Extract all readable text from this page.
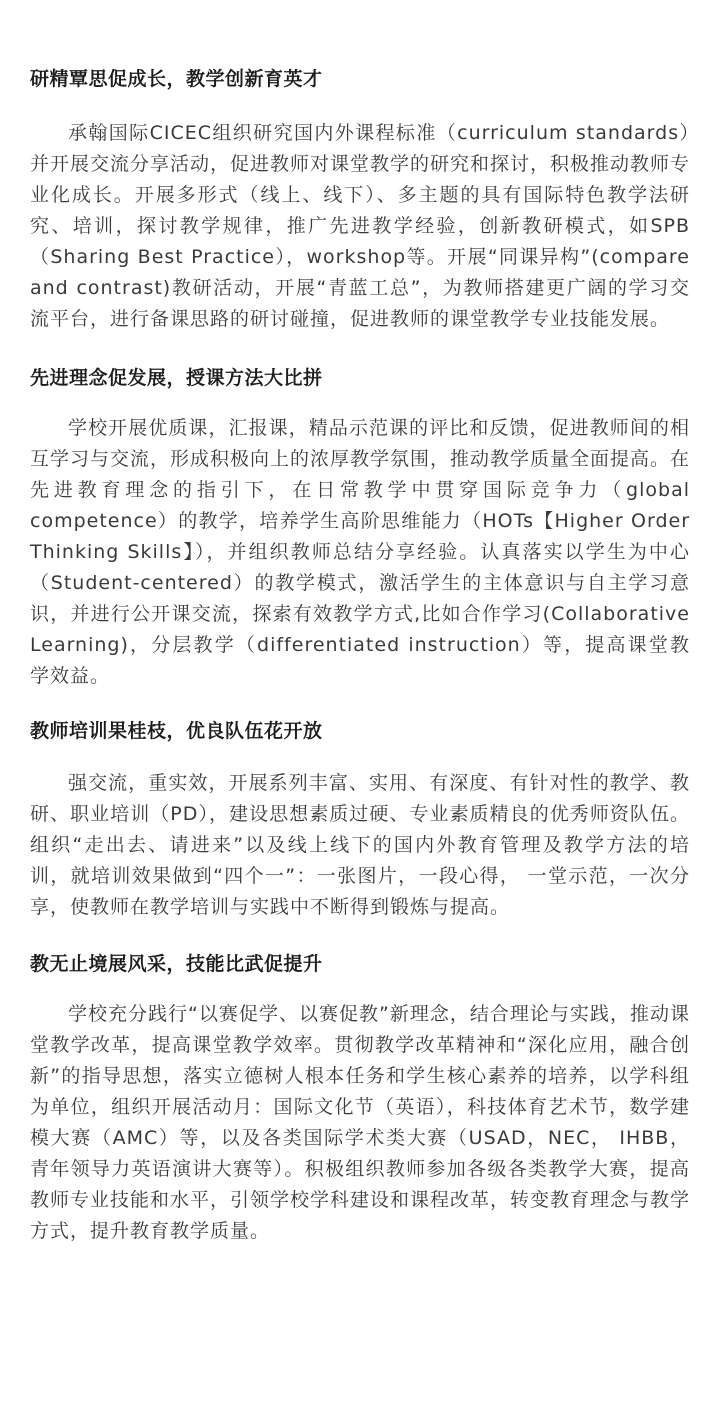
研精覃思促成长，教学创新育英才

承翰国际CICEC组织研究国内外课程标准（curriculum standards）并开展交流分享活动，促进教师对课堂教学的研究和探讨，积极推动教师专业化成长。开展多形式（线上、线下）、多主题的具有国际特色教学法研究、培训，探讨教学规律，推广先进教学经验，创新教研模式，如SPB（Sharing Best Practice），workshop等。开展“同课异构”(compare and contrast)教研活动，开展“青蓝工总”，为教师搭建更广阔的学习交流平台，进行备课思路的研讨碰撞，促进教师的课堂教学专业技能发展。

先进理念促发展，授课方法大比拼

学校开展优质课，汇报课，精品示范课的评比和反馈，促进教师间的相互学习与交流，形成积极向上的浓厚教学氛围，推动教学质量全面提高。在先进教育理念的指引下，在日常教学中贯穿国际竞争力（global competence）的教学，培养学生高阶思维能力（HOTs【Higher Order Thinking Skills】），并组织教师总结分享经验。认真落实以学生为中心（Student-centered）的教学模式，激活学生的主体意识与自主学习意识，并进行公开课交流，探索有效教学方式,比如合作学习(Collaborative Learning)，分层教学（differentiated instruction）等，提高课堂教学效益。

教师培训果桂枝，优良队伍花开放

强交流，重实效，开展系列丰富、实用、有深度、有针对性的教学、教研、职业培训（PD），建设思想素质过硬、专业素质精良的优秀师资队伍。组织“走出去、请进来”以及线上线下的国内外教育管理及教学方法的培训，就培训效果做到“四个一”：一张图片，一段心得， 一堂示范，一次分享，使教师在教学培训与实践中不断得到锻炼与提高。

教无止境展风采，技能比武促提升

学校充分践行“以赛促学、以赛促教”新理念，结合理论与实践，推动课堂教学改革，提高课堂教学效率。贯彻教学改革精神和“深化应用，融合创新”的指导思想，落实立德树人根本任务和学生核心素养的培养，以学科组为单位，组织开展活动月：国际文化节（英语），科技体育艺术节，数学建模大赛（AMC）等，以及各类国际学术类大赛（USAD，NEC， IHBB，青年领导力英语演讲大赛等）。积极组织教师参加各级各类教学大赛，提高教师专业技能和水平，引领学校学科建设和课程改革，转变教育理念与教学方式，提升教育教学质量。
